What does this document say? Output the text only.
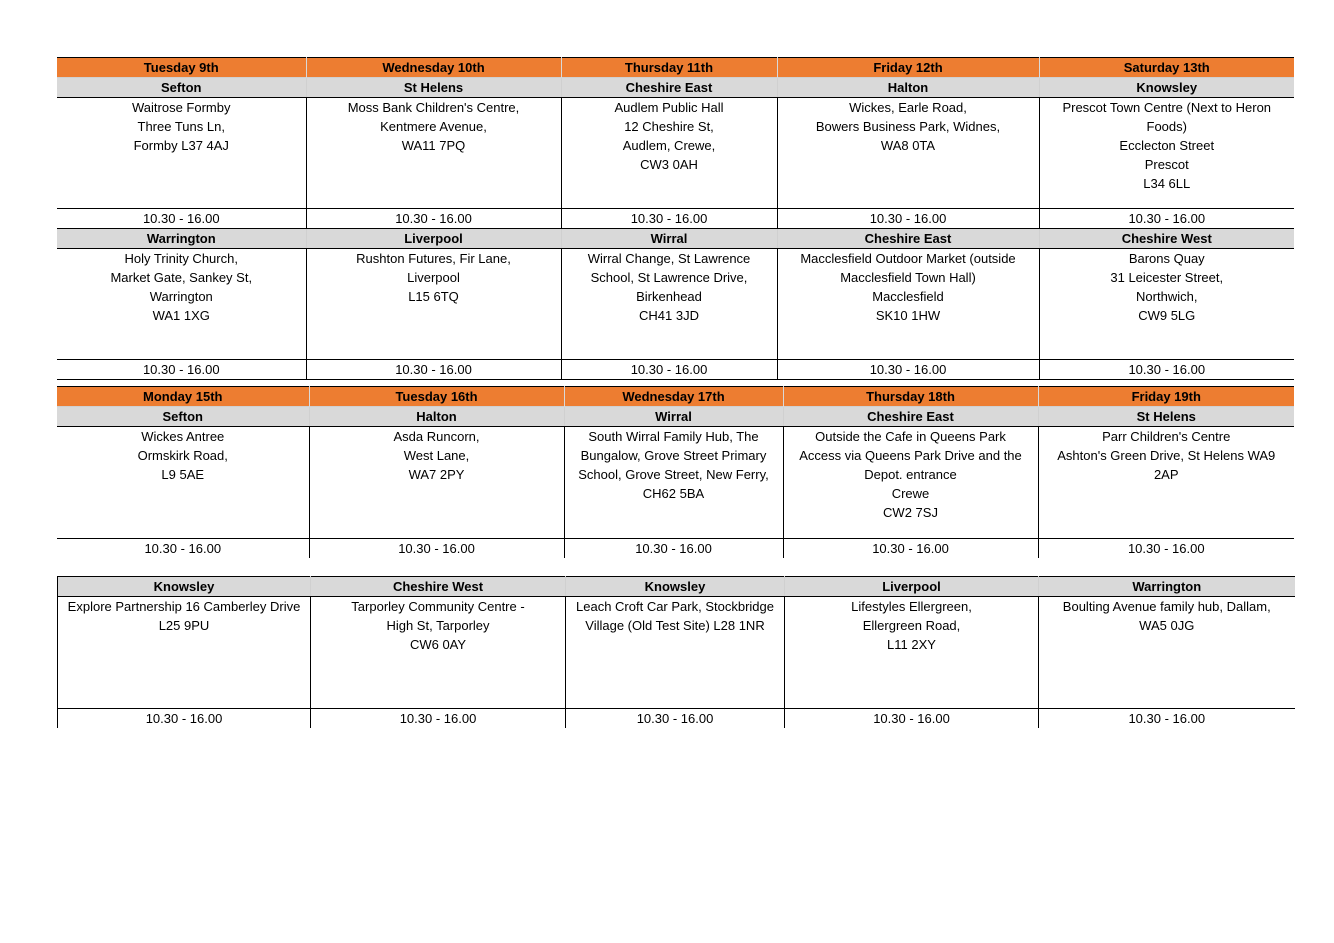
Tuesday 9th	Wednesday 10th	Thursday 11th	Friday 12th	Saturday 13th
Sefton	St Helens	Cheshire East	Halton	Knowsley

Waitrose Formby
Three Tuns Ln,
Formby L37 4AJ	Moss Bank Children's Centre,
Kentmere Avenue,
WA11 7PQ	Audlem Public Hall
12 Cheshire St,
Audlem, Crewe,
CW3 0AH	Wickes, Earle Road,
Bowers Business Park, Widnes,
WA8 0TA	Prescot Town Centre (Next to Heron
Foods)
Ecclecton Street
Prescot
L34 6LL

10.30 - 16.00	10.30 - 16.00	10.30 - 16.00	10.30 - 16.00	10.30 - 16.00
Warrington	Liverpool	Wirral	Cheshire East	Cheshire West

Holy Trinity Church,
Market Gate, Sankey St,
Warrington
WA1 1XG	Rushton Futures, Fir Lane,
Liverpool
L15 6TQ	Wirral Change, St Lawrence
School, St Lawrence Drive,
Birkenhead
CH41 3JD	Macclesfield Outdoor Market (outside
Macclesfield Town Hall)
Macclesfield
SK10 1HW	Barons Quay
31 Leicester Street,
Northwich,
CW9 5LG

10.30 - 16.00	10.30 - 16.00	10.30 - 16.00	10.30 - 16.00	10.30 - 16.00
Monday 15th	Tuesday 16th	Wednesday 17th	Thursday 18th	Friday 19th
Sefton	Halton	Wirral	Cheshire East	St Helens

Wickes Antree
Ormskirk Road,
L9 5AE	Asda Runcorn,
West Lane,
WA7 2PY	South Wirral Family Hub, The
Bungalow, Grove Street Primary
School, Grove Street, New Ferry,
CH62 5BA	Outside the Cafe in Queens Park
Access via Queens Park Drive and the
Depot. entrance
Crewe
CW2 7SJ	Parr Children's Centre
Ashton's Green Drive, St Helens WA9
2AP

10.30 - 16.00	10.30 - 16.00	10.30 - 16.00	10.30 - 16.00	10.30 - 16.00
Knowsley	Cheshire West	Knowsley	Liverpool	Warrington

Explore Partnership 16 Camberley Drive
L25 9PU	Tarporley Community Centre -
High St, Tarporley
CW6 0AY	Leach Croft Car Park, Stockbridge
Village (Old Test Site) L28 1NR	Lifestyles Ellergreen,
Ellergreen Road,
L11 2XY	Boulting Avenue family hub, Dallam,
WA5 0JG

10.30 - 16.00	10.30 - 16.00	10.30 - 16.00	10.30 - 16.00	10.30 - 16.00
